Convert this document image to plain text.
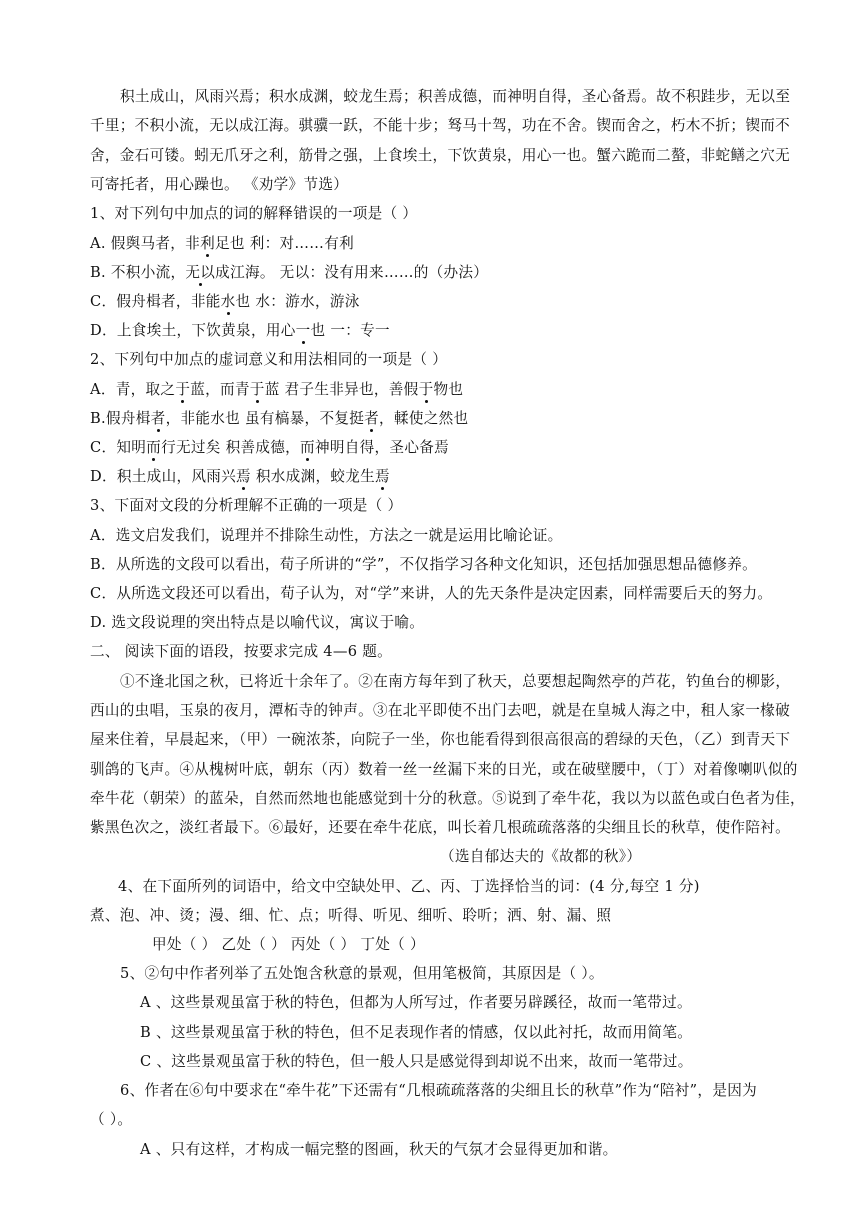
积土成山，风雨兴焉；积水成渊，蛟龙生焉；积善成德，而神明自得，圣心备焉。故不积跬步，无以至
千里；不积小流，无以成江海。骐骥一跃，不能十步；驽马十驾，功在不舍。锲而舍之，朽木不折；锲而不
舍，金石可镂。蚓无爪牙之利，筋骨之强，上食埃土，下饮黄泉，用心一也。蟹六跪而二螯，非蛇鳝之穴无
可寄托者，用心躁也。 《劝学》节选）
1、对下列句中加点的词的解释错误的一项是（ ）
A. 假舆马者，非利足也 利：对……有利
B. 不积小流，无以成江海。 无以：没有用来……的（办法）
C．假舟楫者，非能水也 水：游水，游泳
D．上食埃土，下饮黄泉，用心一也 一：专一
2、下列句中加点的虚词意义和用法相同的一项是（ ）
A．青，取之于蓝，而青于蓝 君子生非异也，善假于物也
B.假舟楫者，非能水也 虽有槁暴，不复挺者，輮使之然也
C．知明而行无过矣 积善成德，而神明自得，圣心备焉
D．积土成山，风雨兴焉 积水成渊，蛟龙生焉
3、下面对文段的分析理解不正确的一项是（ ）
A．选文启发我们，说理并不排除生动性，方法之一就是运用比喻论证。
B．从所选的文段可以看出，荀子所讲的“学”，不仅指学习各种文化知识，还包括加强思想品德修养。
C．从所选文段还可以看出，荀子认为，对“学”来讲，人的先天条件是决定因素，同样需要后天的努力。
D. 选文段说理的突出特点是以喻代议，寓议于喻。
二、 阅读下面的语段，按要求完成 4—6 题。
①不逢北国之秋，已将近十余年了。②在南方每年到了秋天，总要想起陶然亭的芦花，钓鱼台的柳影，
西山的虫唱，玉泉的夜月，潭柘寺的钟声。③在北平即使不出门去吧，就是在皇城人海之中，租人家一椽破
屋来住着，早晨起来，（甲）一碗浓茶，向院子一坐，你也能看得到很高很高的碧绿的天色，（乙）到青天下
驯鸽的飞声。④从槐树叶底，朝东（丙）数着一丝一丝漏下来的日光，或在破壁腰中，（丁）对着像喇叭似的
牵牛花（朝荣）的蓝朵，自然而然地也能感觉到十分的秋意。⑤说到了牵牛花，我以为以蓝色或白色者为佳，
紫黑色次之，淡红者最下。⑥最好，还要在牵牛花底，叫长着几根疏疏落落的尖细且长的秋草，使作陪衬。
（选自郁达夫的《故都的秋》）
4、在下面所列的词语中，给文中空缺处甲、乙、丙、丁选择恰当的词：(4 分,每空 1 分)
煮、泡、冲、烫；漫、细、忙、点；听得、听见、细听、聆听；洒、射、漏、照
甲处（ ） 乙处（ ） 丙处（ ） 丁处（ ）
5、②句中作者列举了五处饱含秋意的景观，但用笔极简，其原因是（ ）。
A 、这些景观虽富于秋的特色，但都为人所写过，作者要另辟蹊径，故而一笔带过。
B 、这些景观虽富于秋的特色，但不足表现作者的情感，仅以此衬托，故而用简笔。
C 、这些景观虽富于秋的特色，但一般人只是感觉得到却说不出来，故而一笔带过。
6、作者在⑥句中要求在“牵牛花”下还需有“几根疏疏落落的尖细且长的秋草”作为“陪衬”，是因为
（ ）。
A 、只有这样，才构成一幅完整的图画，秋天的气氛才会显得更加和谐。
